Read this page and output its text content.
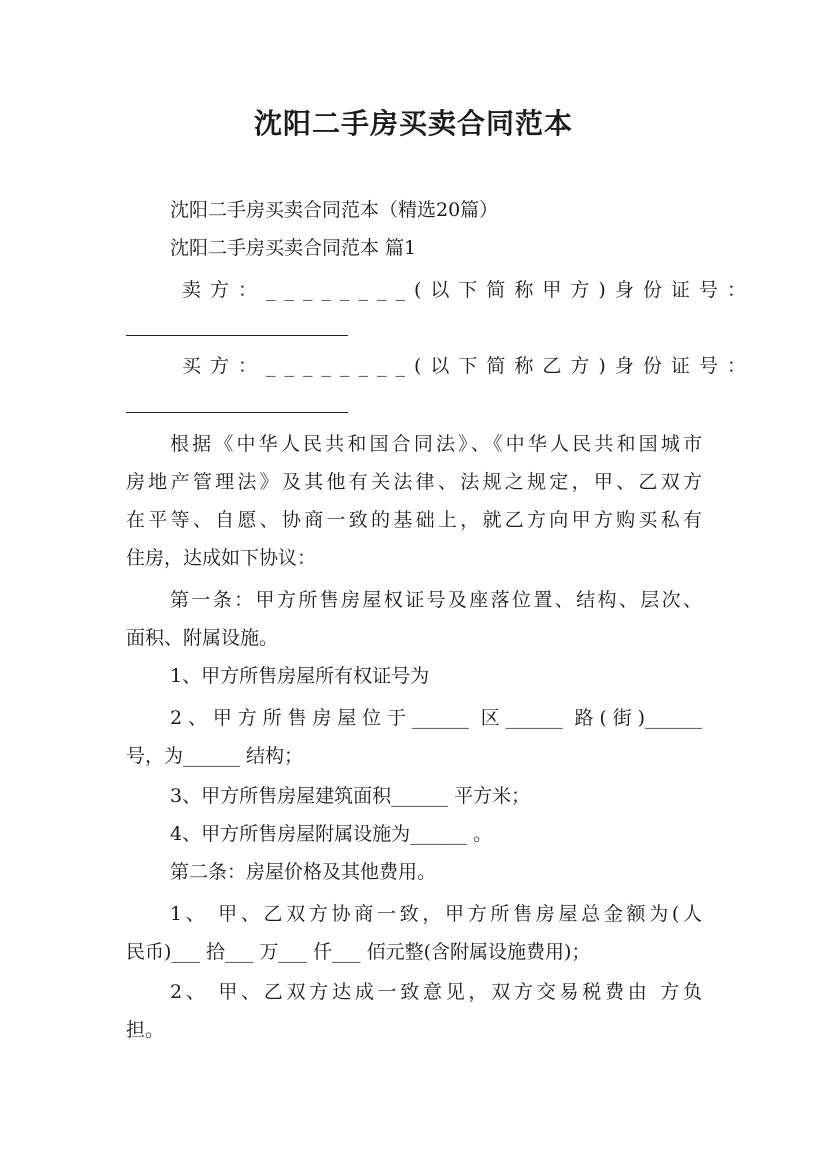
沈阳二手房买卖合同范本
沈阳二手房买卖合同范本（精选20篇）
沈阳二手房买卖合同范本 篇1
卖方：________(以下简称甲方)身份证号：
买方：________(以下简称乙方)身份证号：
根据《中华人民共和国合同法》、《中华人民共和国城市
房地产管理法》及其他有关法律、法规之规定，甲、乙双方
在平等、自愿、协商一致的基础上，就乙方向甲方购买私有
住房，达成如下协议：
第一条：甲方所售房屋权证号及座落位置、结构、层次、
面积、附属设施。
1、甲方所售房屋所有权证号为
2、甲方所售房屋位于______ 区______ 路(街)______
号，为______ 结构；
3、甲方所售房屋建筑面积______ 平方米；
4、甲方所售房屋附属设施为______ 。
第二条：房屋价格及其他费用。
1、 甲、乙双方协商一致，甲方所售房屋总金额为(人
民币)___ 拾___ 万___ 仟___ 佰元整(含附属设施费用)；
2、 甲、乙双方达成一致意见，双方交易税费由 方负
担。
